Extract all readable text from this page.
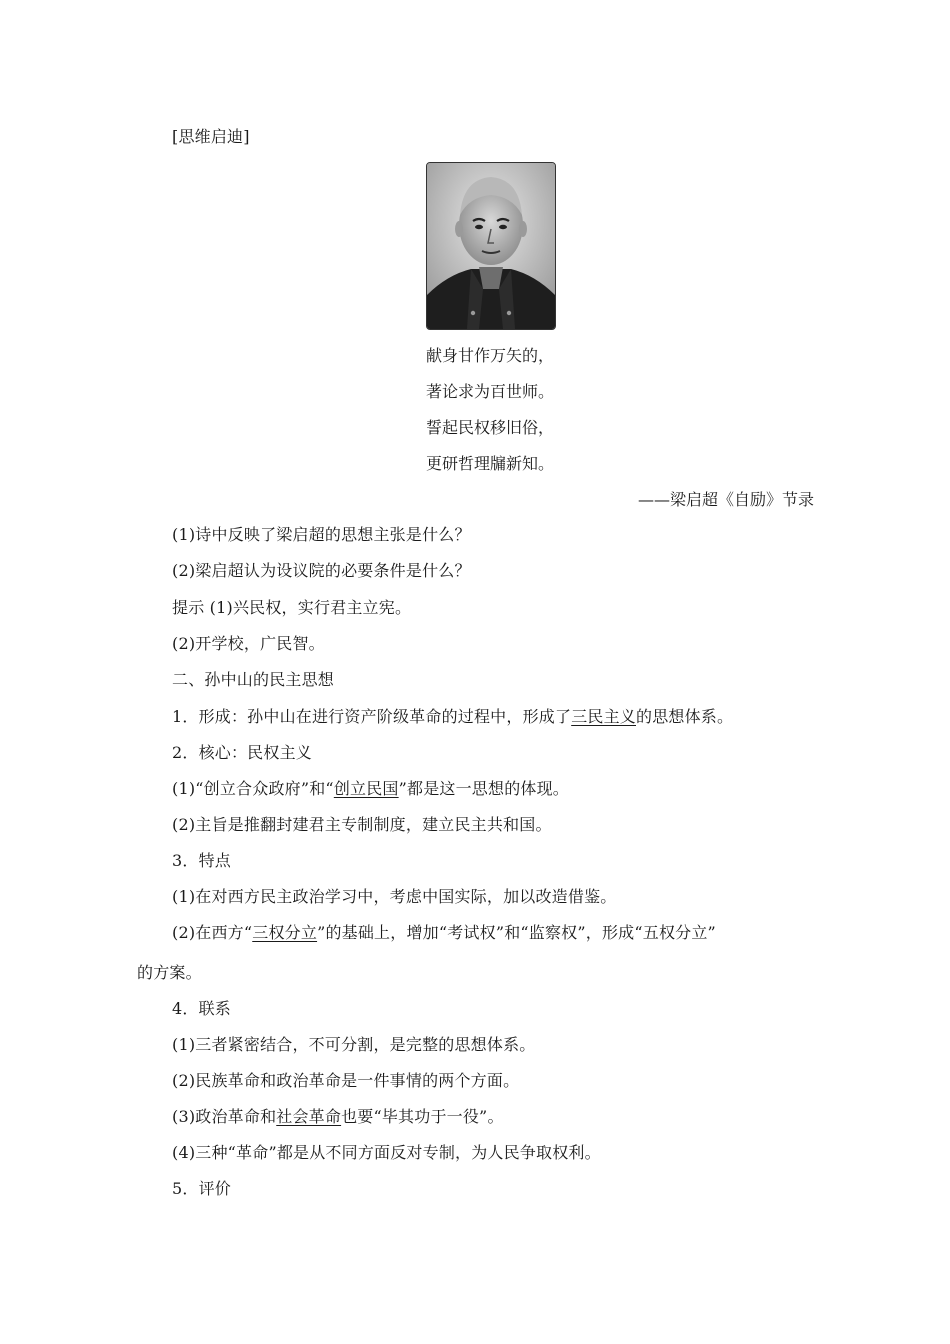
[思维启迪]
献身甘作万矢的，
著论求为百世师。
誓起民权移旧俗，
更研哲理牖新知。
——梁启超《自励》节录
(1)诗中反映了梁启超的思想主张是什么？
(2)梁启超认为设议院的必要条件是什么？
提示 (1)兴民权，实行君主立宪。
(2)开学校，广民智。
二、孙中山的民主思想
1．形成：孙中山在进行资产阶级革命的过程中，形成了三民主义的思想体系。
2．核心：民权主义
(1)“创立合众政府”和“创立民国”都是这一思想的体现。
(2)主旨是推翻封建君主专制制度，建立民主共和国。
3．特点
(1)在对西方民主政治学习中，考虑中国实际，加以改造借鉴。
(2)在西方“三权分立”的基础上，增加“考试权”和“监察权”，形成“五权分立”
的方案。
4．联系
(1)三者紧密结合，不可分割，是完整的思想体系。
(2)民族革命和政治革命是一件事情的两个方面。
(3)政治革命和社会革命也要“毕其功于一役”。
(4)三种“革命”都是从不同方面反对专制，为人民争取权利。
5．评价
